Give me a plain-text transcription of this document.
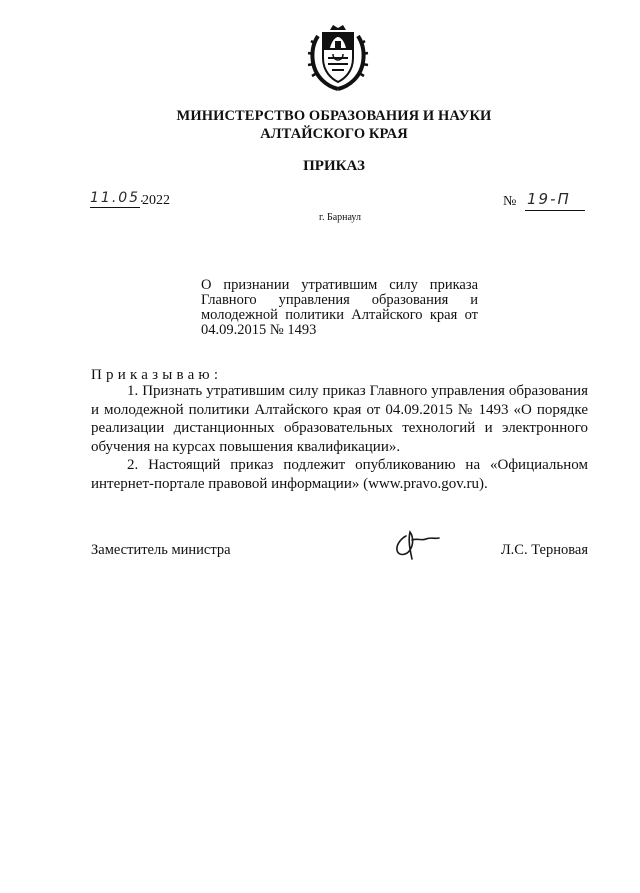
МИНИСТЕРСТВО ОБРАЗОВАНИЯ И НАУКИ
АЛТАЙСКОГО КРАЯ
ПРИКАЗ
11.05.
2022	№ 19-П
г. Барнаул
О признании утратившим силу приказа
Главного управления образования и
молодежной политики Алтайского края от
04.09.2015 № 1493
Приказываю:
1. Признать утратившим силу приказ Главного управления образования
и молодежной политики Алтайского края от 04.09.2015 № 1493 «О порядке
реализации дистанционных образовательных технологий и электронного
обучения на курсах повышения квалификации».
2. Настоящий приказ подлежит опубликованию на «Официальном
интернет-портале правовой информации» (www.pravo.gov.ru).
Заместитель министра	Л.С. Терновая
